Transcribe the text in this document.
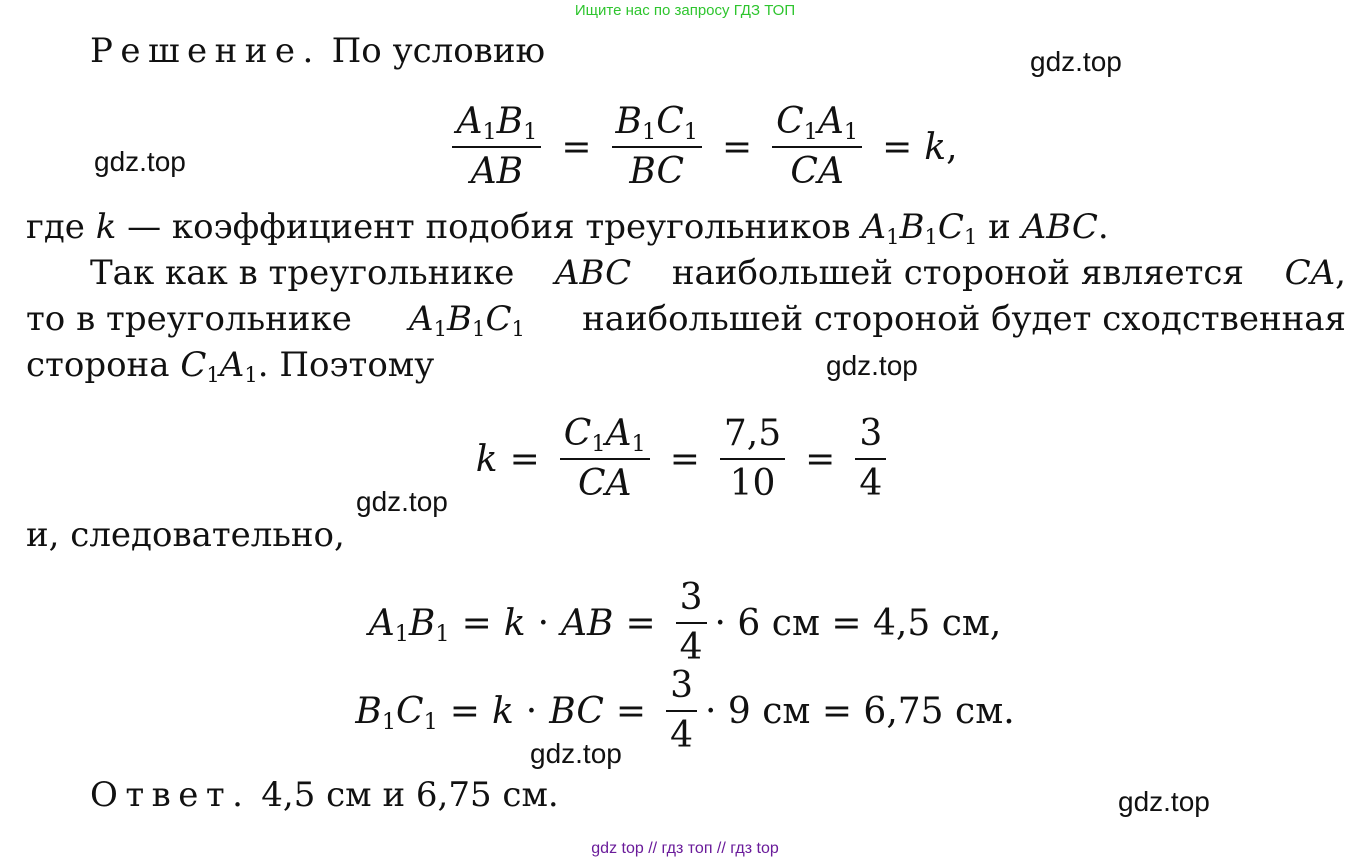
Ищите нас по запросу ГДЗ ТОП
gdz.top
gdz.top
gdz.top
gdz.top
gdz.top
gdz.top
Решение. По условию
$\frac{A_1B_1}{AB} = \frac{B_1C_1}{BC} = \frac{C_1A_1}{CA} = k$ ,
где k — коэффициент подобия треугольников $A_1B_1C_1$ и ABC.
Так как в треугольнике ABC наибольшей стороной является CA,
то в треугольнике $A_1B_1C_1$ наибольшей стороной будет сходственная
сторона $C_1A_1$. Поэтому
$k = \frac{C_1A_1}{CA} = \frac{7,5}{10} = \frac{3}{4}$
и, следовательно,
$A_1B_1 = k$ · AB = $\frac{3}{4} \cdot 6$ см = 4,5 см,
$B_1C_1 = k$ · BC = $\frac{3}{4} \cdot 9$ см = 6,75 см.
Ответ. 4,5 см и 6,75 см.
gdz top // гдз топ // гдз top
